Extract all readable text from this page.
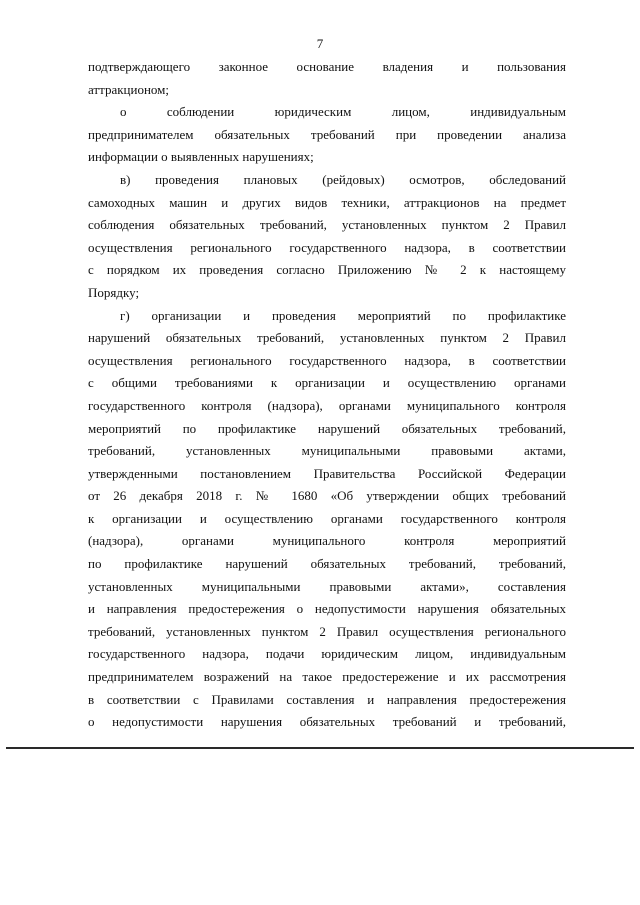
7
подтверждающего законное основание владения и пользования
аттракционом;
о соблюдении юридическим лицом, индивидуальным
предпринимателем обязательных требований при проведении анализа
информации о выявленных нарушениях;
в) проведения плановых (рейдовых) осмотров, обследований
самоходных машин и других видов техники, аттракционов на предмет
соблюдения обязательных требований, установленных пунктом 2 Правил
осуществления регионального государственного надзора, в соответствии
с порядком их проведения согласно Приложению № 2 к настоящему
Порядку;
г) организации и проведения мероприятий по профилактике
нарушений обязательных требований, установленных пунктом 2 Правил
осуществления регионального государственного надзора, в соответствии
с общими требованиями к организации и осуществлению органами
государственного контроля (надзора), органами муниципального контроля
мероприятий по профилактике нарушений обязательных требований,
требований, установленных муниципальными правовыми актами,
утвержденными постановлением Правительства Российской Федерации
от 26 декабря 2018 г. № 1680 «Об утверждении общих требований
к организации и осуществлению органами государственного контроля
(надзора), органами муниципального контроля мероприятий
по профилактике нарушений обязательных требований, требований,
установленных муниципальными правовыми актами», составления
и направления предостережения о недопустимости нарушения обязательных
требований, установленных пунктом 2 Правил осуществления регионального
государственного надзора, подачи юридическим лицом, индивидуальным
предпринимателем возражений на такое предостережение и их рассмотрения
в соответствии с Правилами составления и направления предостережения
о недопустимости нарушения обязательных требований и требований,
